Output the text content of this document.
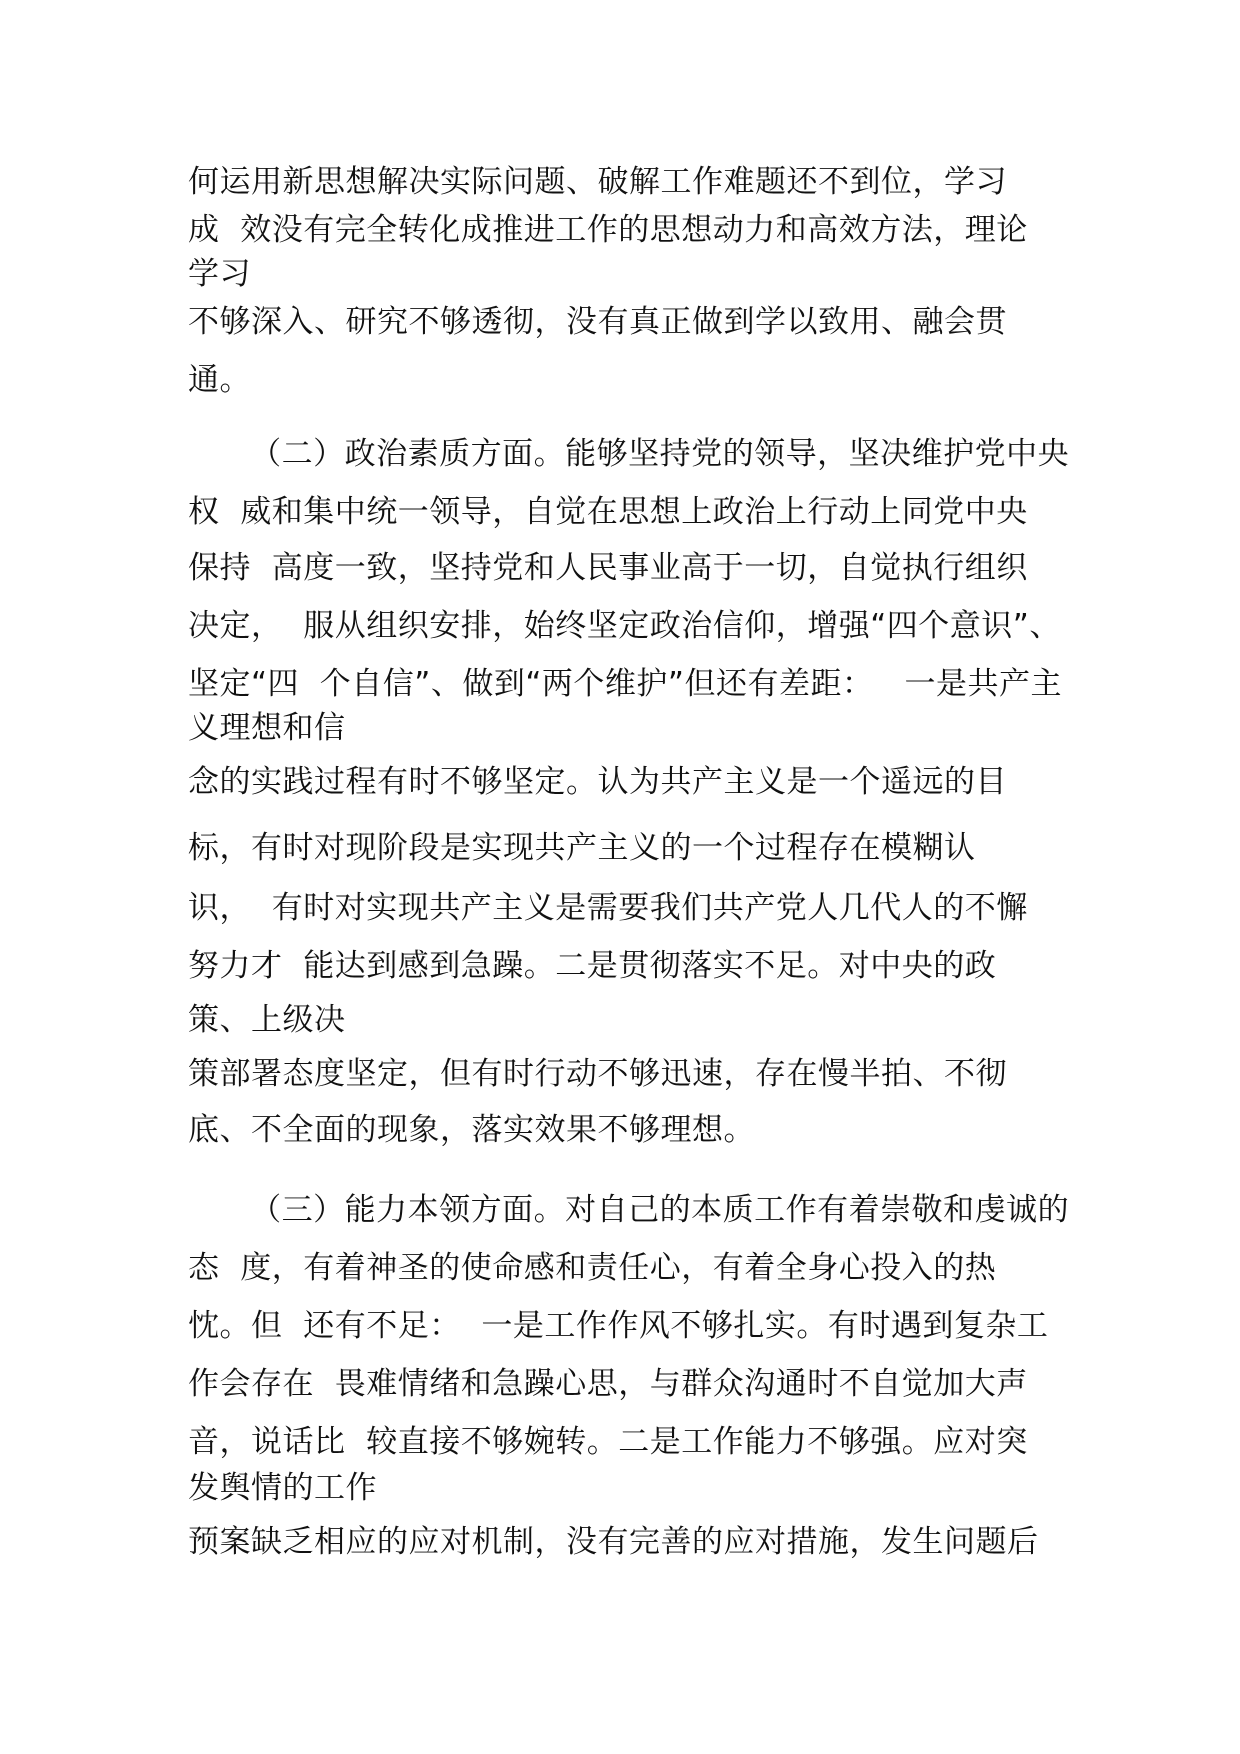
何运用新思想解决实际问题、破解工作难题还不到位，学习
成  效没有完全转化成推进工作的思想动力和高效方法，理论
学习
不够深入、研究不够透彻，没有真正做到学以致用、融会贯
通。
（二）政治素质方面。能够坚持党的领导，坚决维护党中央
权  威和集中统一领导，自觉在思想上政治上行动上同党中央
保持  高度一致，坚持党和人民事业高于一切，自觉执行组织
决定，  服从组织安排，始终坚定政治信仰，增强“四个意识”、
坚定“四  个自信”、做到“两个维护”但还有差距：   一是共产主
义理想和信
念的实践过程有时不够坚定。认为共产主义是一个遥远的目
标，有时对现阶段是实现共产主义的一个过程存在模糊认
识，  有时对实现共产主义是需要我们共产党人几代人的不懈
努力才  能达到感到急躁。二是贯彻落实不足。对中央的政
策、上级决
策部署态度坚定，但有时行动不够迅速，存在慢半拍、不彻
底、不全面的现象，落实效果不够理想。
（三）能力本领方面。对自己的本质工作有着崇敬和虔诚的
态  度，有着神圣的使命感和责任心，有着全身心投入的热
忱。但  还有不足：  一是工作作风不够扎实。有时遇到复杂工
作会存在  畏难情绪和急躁心思，与群众沟通时不自觉加大声
音，说话比  较直接不够婉转。二是工作能力不够强。应对突
发舆情的工作
预案缺乏相应的应对机制，没有完善的应对措施，发生问题后
